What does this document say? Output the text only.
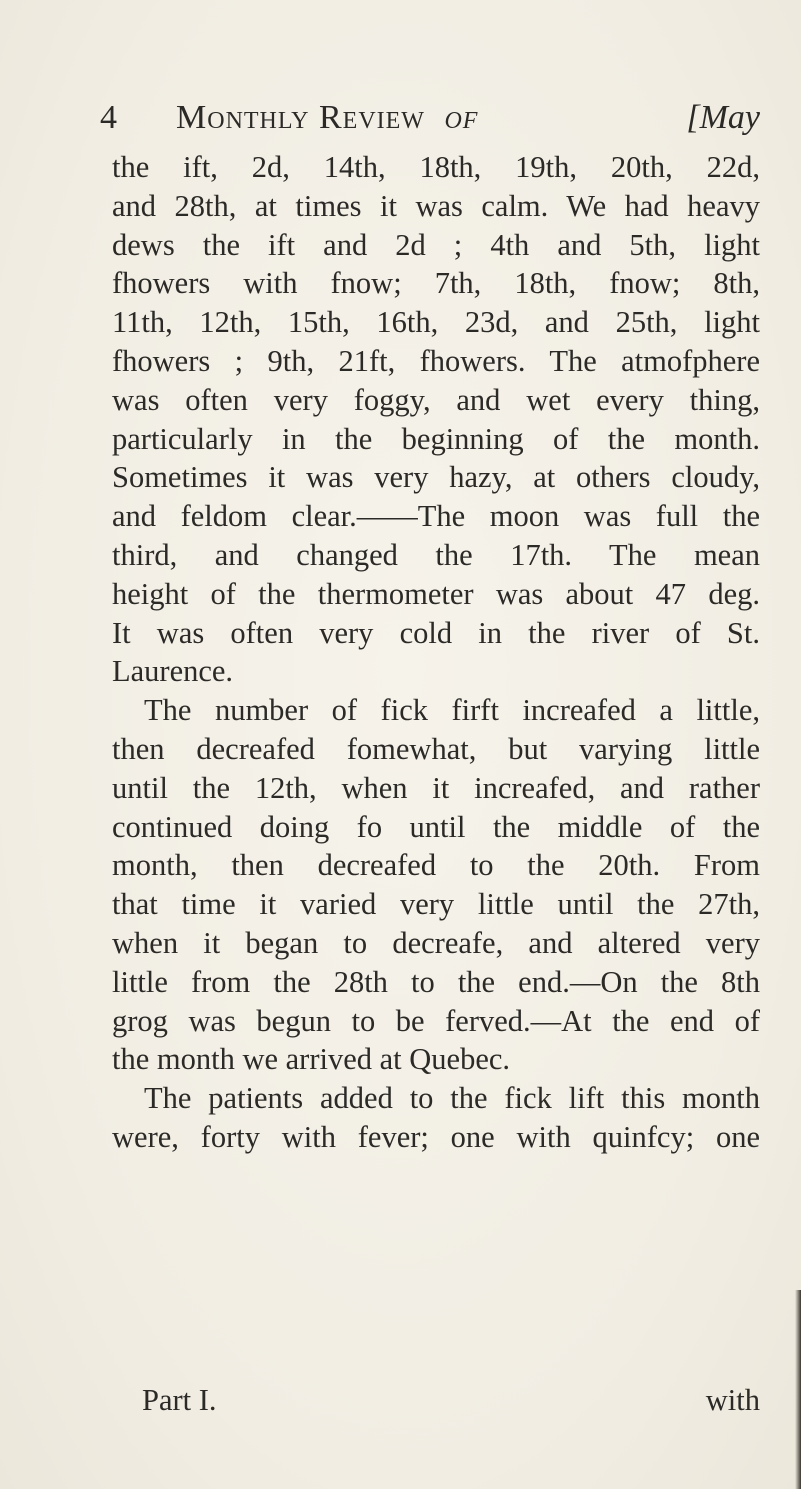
4 Monthly Review of	[May
the ift, 2d, 14th, 18th, 19th, 20th, 22d,
and 28th, at times it was calm. We had heavy
dews the ift and 2d ; 4th and 5th, light
fhowers with fnow; 7th, 18th, fnow; 8th,
11th, 12th, 15th, 16th, 23d, and 25th, light
fhowers ; 9th, 21ft, fhowers. The atmofphere
was often very foggy, and wet every thing,
particularly in the beginning of the month.
Sometimes it was very hazy, at others cloudy,
and feldom clear.——The moon was full the
third, and changed the 17th. The mean
height of the thermometer was about 47 deg.
It was often very cold in the river of St.
Laurence.
The number of fick firft increafed a little,
then decreafed fomewhat, but varying little
until the 12th, when it increafed, and rather
continued doing fo until the middle of the
month, then decreafed to the 20th. From
that time it varied very little until the 27th,
when it began to decreafe, and altered very
little from the 28th to the end.—On the 8th
grog was begun to be ferved.—At the end of
the month we arrived at Quebec.
The patients added to the fick lift this month
were, forty with fever; one with quinfcy; one
Part I.	with
